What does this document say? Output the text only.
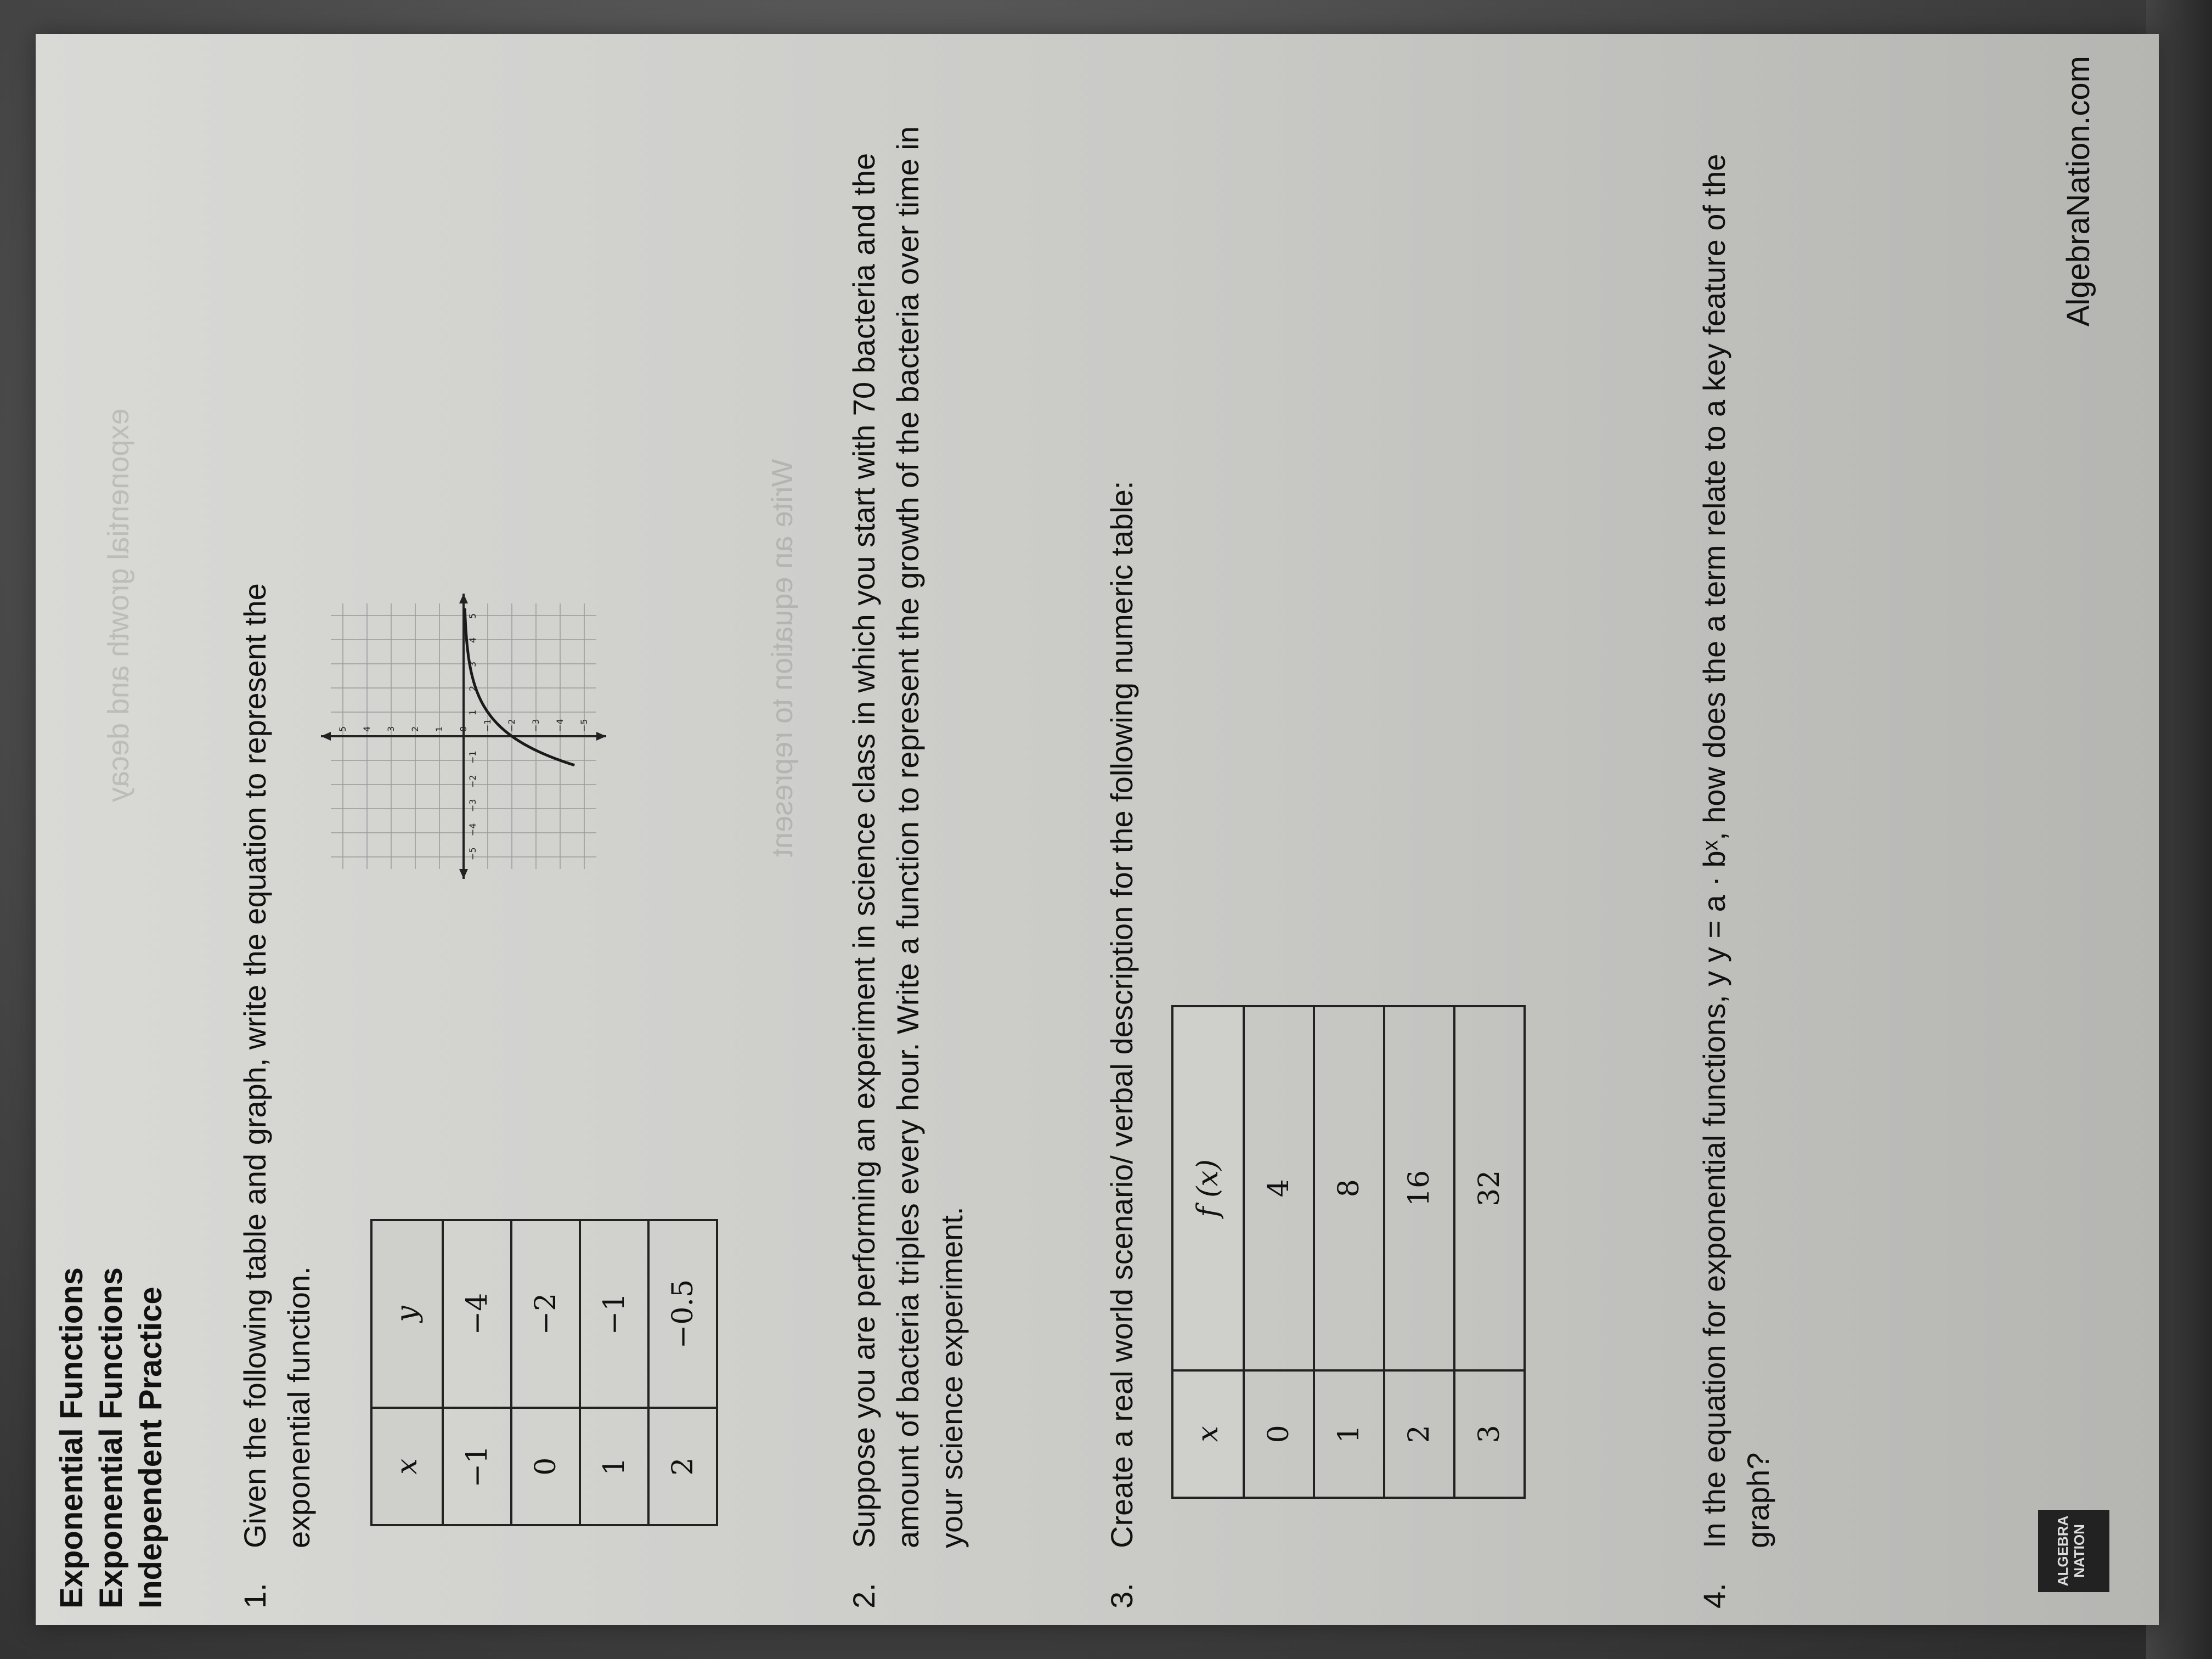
exponential growth and decay	Write an equation to represent
Exponential Functions Exponential Functions Independent Practice 1.
Given the following table and graph, write the equation to represent the exponential function.	x	y
−1	−4
0	−2
1	−1
2	−0.5
−5
−4
−3
−2
−1
1
2
3
4
5
5 4 3 2 1 0 −1 −2 −3 −4 −5
2.
Suppose you are performing an experiment in science class in which you start with 70 bacteria and the amount of bacteria triples every hour. Write a function to represent the growth of the bacteria over time in your science experiment.
3.
Create a real world scenario/ verbal description for the following numeric table: x	f (x)
0	4
1	8
2	16
3	32
4.
In the equation for exponential functions, y y = a · bˣ, how does the a term relate to a key feature of the graph?
ALGEBRA NATION
AlgebraNation.com
